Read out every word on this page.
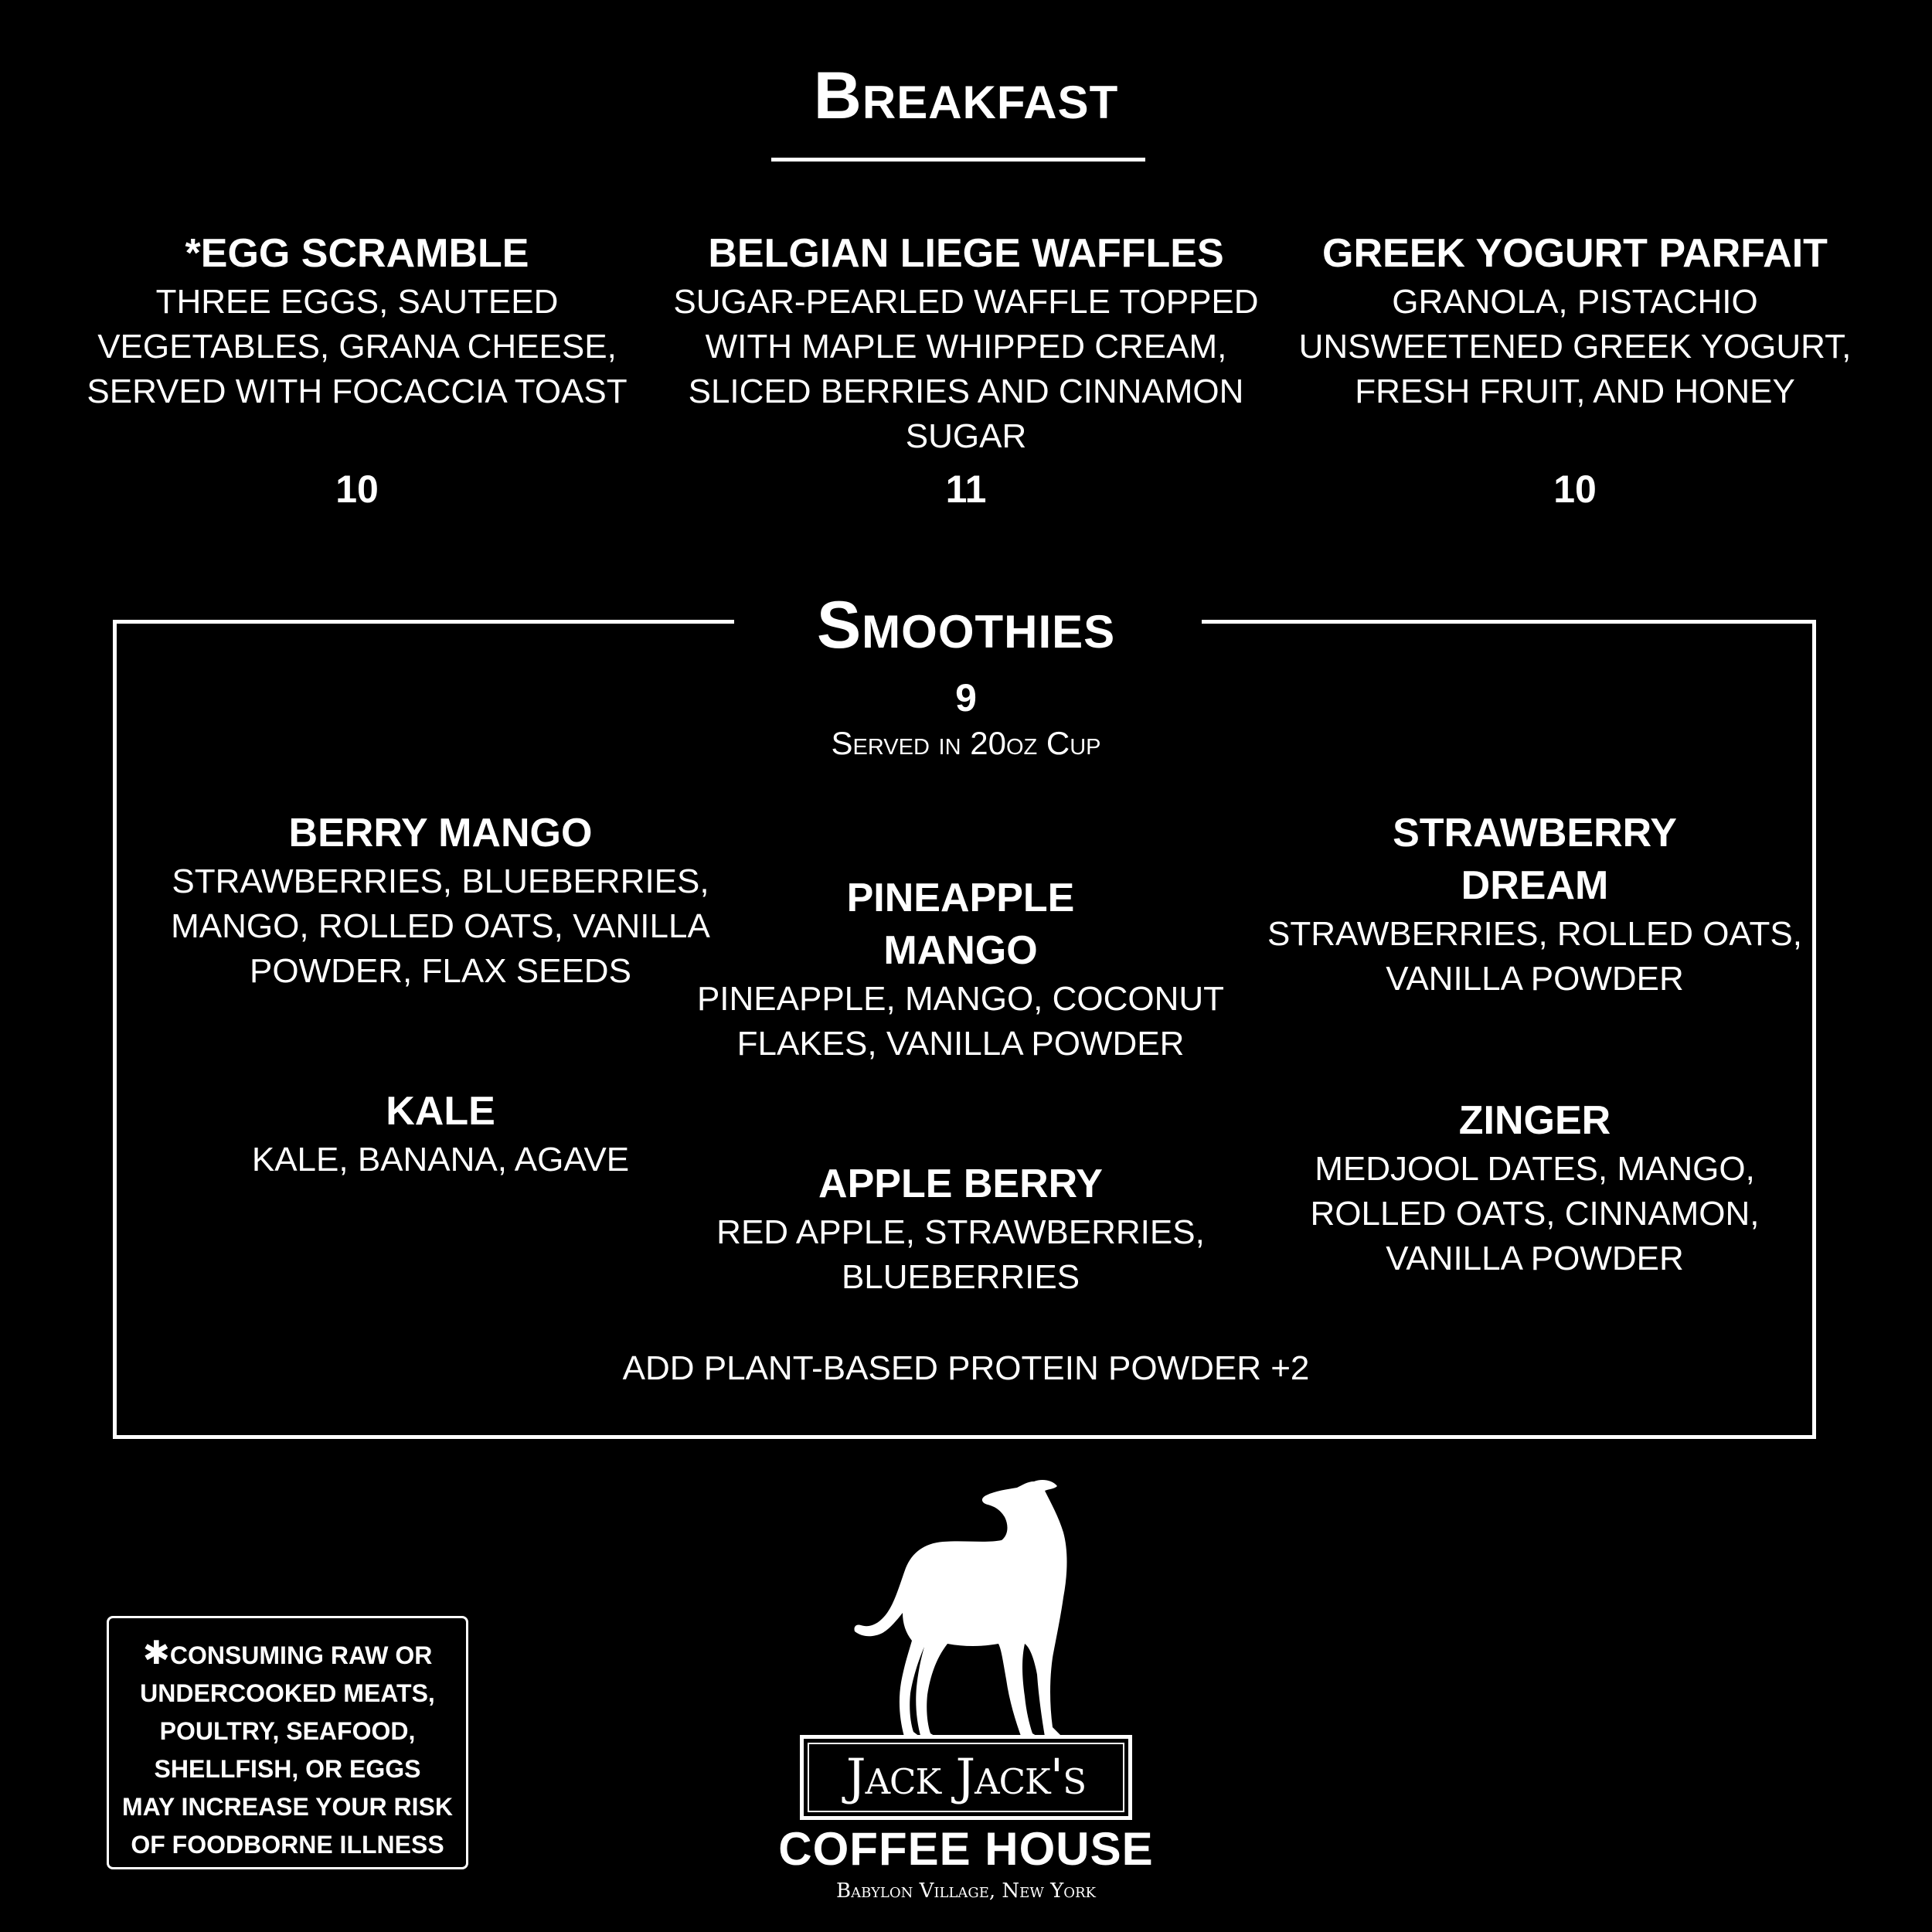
Breakfast
*EGG SCRAMBLE
THREE EGGS, SAUTEED
VEGETABLES, GRANA CHEESE,
SERVED WITH FOCACCIA TOAST
10
BELGIAN LIEGE WAFFLES
SUGAR-PEARLED WAFFLE TOPPED
WITH MAPLE WHIPPED CREAM,
SLICED BERRIES AND CINNAMON
SUGAR
11
GREEK YOGURT PARFAIT
GRANOLA, PISTACHIO
UNSWEETENED GREEK YOGURT,
FRESH FRUIT, AND HONEY
10
Smoothies
9
Served in 20oz Cup
BERRY MANGO
STRAWBERRIES, BLUEBERRIES,
MANGO, ROLLED OATS, VANILLA
POWDER, FLAX SEEDS
PINEAPPLE
MANGO
PINEAPPLE, MANGO, COCONUT
FLAKES, VANILLA POWDER
STRAWBERRY
DREAM
STRAWBERRIES, ROLLED OATS,
VANILLA POWDER
KALE
KALE, BANANA, AGAVE
APPLE BERRY
RED APPLE, STRAWBERRIES,
BLUEBERRIES
ZINGER
MEDJOOL DATES, MANGO,
ROLLED OATS, CINNAMON,
VANILLA POWDER
ADD PLANT-BASED PROTEIN POWDER +2
✱CONSUMING RAW OR
UNDERCOOKED MEATS,
POULTRY, SEAFOOD,
SHELLFISH, OR EGGS
MAY INCREASE YOUR RISK
OF FOODBORNE ILLNESS
Jack Jack's
COFFEE HOUSE
Babylon Village, New York
